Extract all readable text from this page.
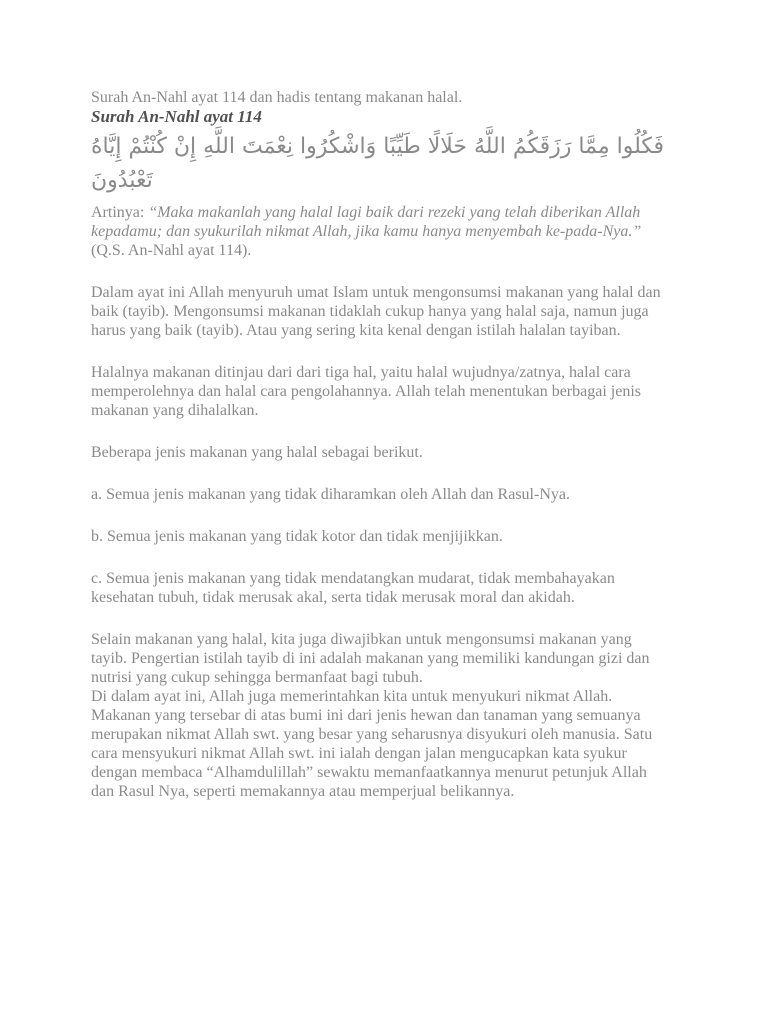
Surah An-Nahl ayat 114 dan hadis tentang makanan halal.

Surah An-Nahl ayat 114
فَكُلُوا مِمَّا رَزَقَكُمُ اللَّهُ حَلَالًا طَيِّبًا وَاشْكُرُوا نِعْمَتَ اللَّهِ إِنْ كُنْتُمْ إِيَّاهُ
تَعْبُدُونَ

Artinya: “Maka makanlah yang halal lagi baik dari rezeki yang telah diberikan Allah kepadamu; dan syukurilah nikmat Allah, jika kamu hanya menyembah ke-pada-Nya.” (Q.S. An-Nahl ayat 114).

Dalam ayat ini Allah menyuruh umat Islam untuk mengonsumsi makanan yang halal dan baik (tayib). Mengonsumsi makanan tidaklah cukup hanya yang halal saja, namun juga harus yang baik (tayib). Atau yang sering kita kenal dengan istilah halalan tayiban.

Halalnya makanan ditinjau dari dari tiga hal, yaitu halal wujudnya/zatnya, halal cara memperolehnya dan halal cara pengolahannya. Allah telah menentukan berbagai jenis makanan yang dihalalkan.

Beberapa jenis makanan yang halal sebagai berikut.

a. Semua jenis makanan yang tidak diharamkan oleh Allah dan Rasul-Nya.

b. Semua jenis makanan yang tidak kotor dan tidak menjijikkan.

c. Semua jenis makanan yang tidak mendatangkan mudarat, tidak membahayakan kesehatan tubuh, tidak merusak akal, serta tidak merusak moral dan akidah.

Selain makanan yang halal, kita juga diwajibkan untuk mengonsumsi makanan yang tayib. Pengertian istilah tayib di ini adalah makanan yang memiliki kandungan gizi dan nutrisi yang cukup sehingga bermanfaat bagi tubuh.

Di dalam ayat ini, Allah juga memerintahkan kita untuk menyukuri nikmat Allah. Makanan yang tersebar di atas bumi ini dari jenis hewan dan tanaman yang semuanya merupakan nikmat Allah swt. yang besar yang seharusnya disyukuri oleh manusia. Satu cara mensyukuri nikmat Allah swt. ini ialah dengan jalan mengucapkan kata syukur dengan membaca “Alhamdulillah” sewaktu memanfaatkannya menurut petunjuk Allah dan Rasul Nya, seperti memakannya atau memperjual belikannya.
